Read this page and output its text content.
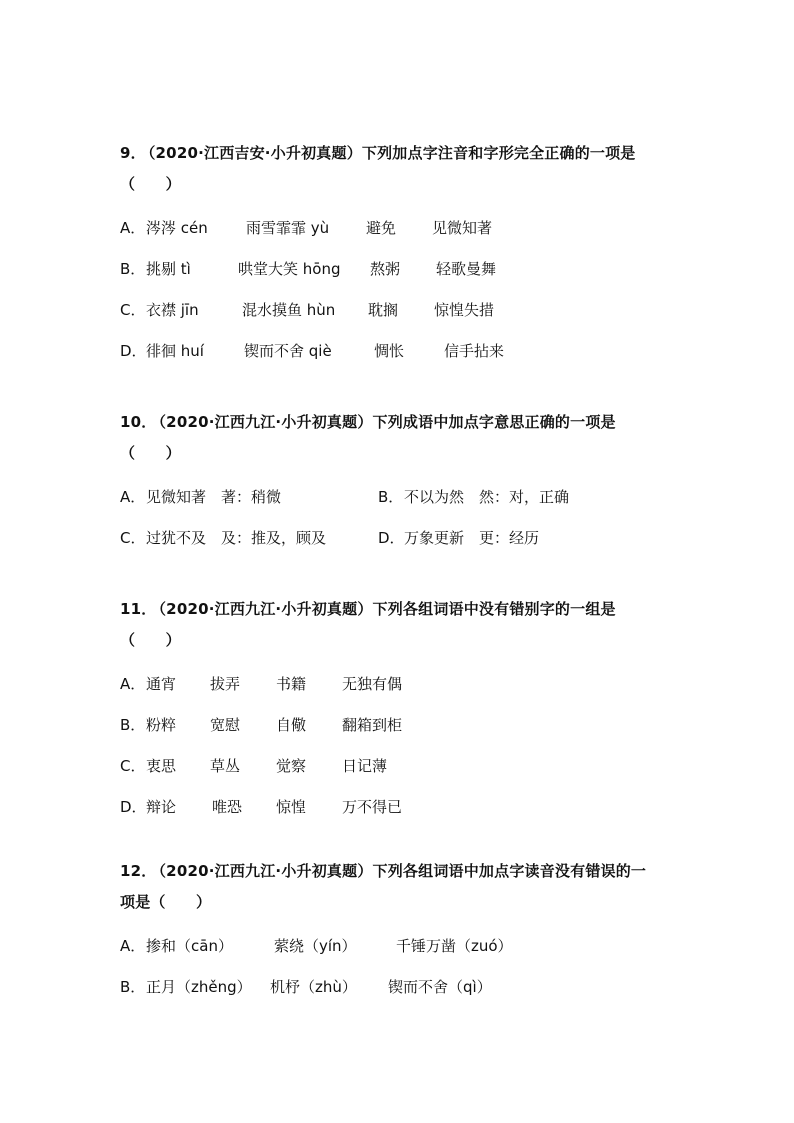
9． （2020·江西吉安·小升初真题）下列加点字注音和字形完全正确的一项是
（　　）

A． 涔涔 cén	雨雪霏霏 yù 避免 见微知著
B． 挑剔 tì	哄堂大笑 hōng 熬粥 轻歌曼舞
C． 衣襟 jīn	混水摸鱼 hùn 耽搁 惊惶失措
D． 徘徊 huí	锲而不舍 qiè	惆怅	信手拈来

10． （2020·江西九江·小升初真题）下列成语中加点字意思正确的一项是
（　　）

A． 见微知著　著：稍微	B． 不以为然　然：对，正确
C． 过犹不及　及：推及，顾及	D． 万象更新　更：经历

11． （2020·江西九江·小升初真题）下列各组词语中没有错别字的一组是
（　　）

A． 通宵 拔弄 书籍 无独有偶
B． 粉粹 宽慰 自儆 翻箱到柜
C． 衷思 草丛 觉察 日记薄
D． 辩论 唯恐 惊惶 万不得已

12． （2020·江西九江·小升初真题）下列各组词语中加点字读音没有错误的一
项是（　　）

A． 掺和（cān）	萦绕（yín）	千锤万凿（zuó）
B． 正月（zhěng） 机杼（zhù） 锲而不舍（qì）
